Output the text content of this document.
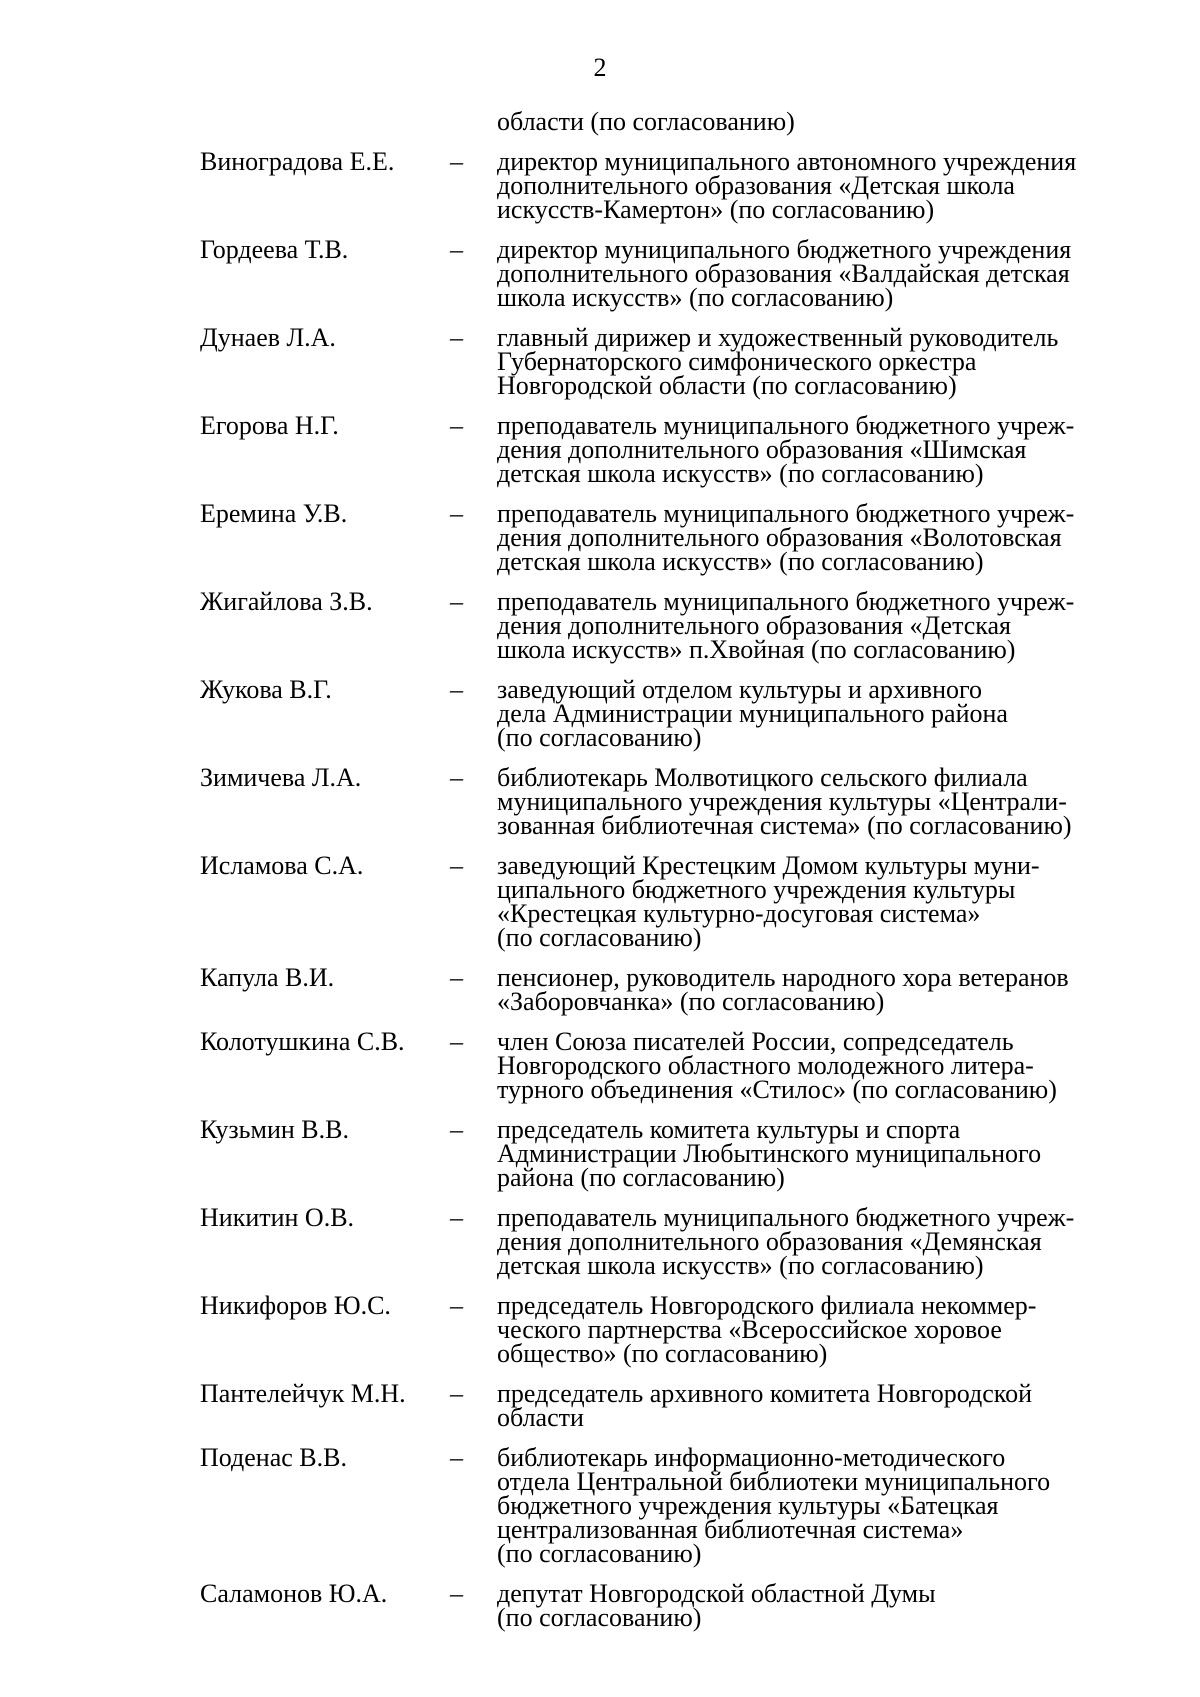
2
области (по согласованию)
Виноградова Е.Е.	–	директор муниципального автономного учреждения
дополнительного образования «Детская школа
искусств-Камертон» (по согласованию)
Гордеева Т.В.	–	директор муниципального бюджетного учреждения
дополнительного образования «Валдайская детская
школа искусств» (по согласованию)
Дунаев Л.А.	–	главный дирижер и художественный руководитель
Губернаторского симфонического оркестра
Новгородской области (по согласованию)
Егорова Н.Г.	–	преподаватель муниципального бюджетного учреж-
дения дополнительного образования «Шимская
детская школа искусств» (по согласованию)
Еремина У.В.	–	преподаватель муниципального бюджетного учреж-
дения дополнительного образования «Волотовская
детская школа искусств» (по согласованию)
Жигайлова З.В.	–	преподаватель муниципального бюджетного учреж-
дения дополнительного образования «Детская
школа искусств» п.Хвойная (по согласованию)
Жукова В.Г.	–	заведующий отделом культуры и архивного
дела Администрации муниципального района
(по согласованию)
Зимичева Л.А.	–	библиотекарь Молвотицкого сельского филиала
муниципального учреждения культуры «Централи-
зованная библиотечная система» (по согласованию)
Исламова С.А.	–	заведующий Крестецким Домом культуры муни-
ципального бюджетного учреждения культуры
«Крестецкая культурно-досуговая система»
(по согласованию)
Капула В.И.	–	пенсионер, руководитель народного хора ветеранов
«Заборовчанка» (по согласованию)
Колотушкина С.В.	–	член Союза писателей России, сопредседатель
Новгородского областного молодежного литера-
турного объединения «Стилос» (по согласованию)
Кузьмин В.В.	–	председатель комитета культуры и спорта
Администрации Любытинского муниципального
района (по согласованию)
Никитин О.В.	–	преподаватель муниципального бюджетного учреж-
дения дополнительного образования «Демянская
детская школа искусств» (по согласованию)
Никифоров Ю.С.	–	председатель Новгородского филиала некоммер-
ческого партнерства «Всероссийское хоровое
общество» (по согласованию)
Пантелейчук М.Н.	–	председатель архивного комитета Новгородской
области
Поденас В.В.	–	библиотекарь информационно-методического
отдела Центральной библиотеки муниципального
бюджетного учреждения культуры «Батецкая
централизованная библиотечная система»
(по согласованию)
Саламонов Ю.А.	–	депутат Новгородской областной Думы
(по согласованию)
